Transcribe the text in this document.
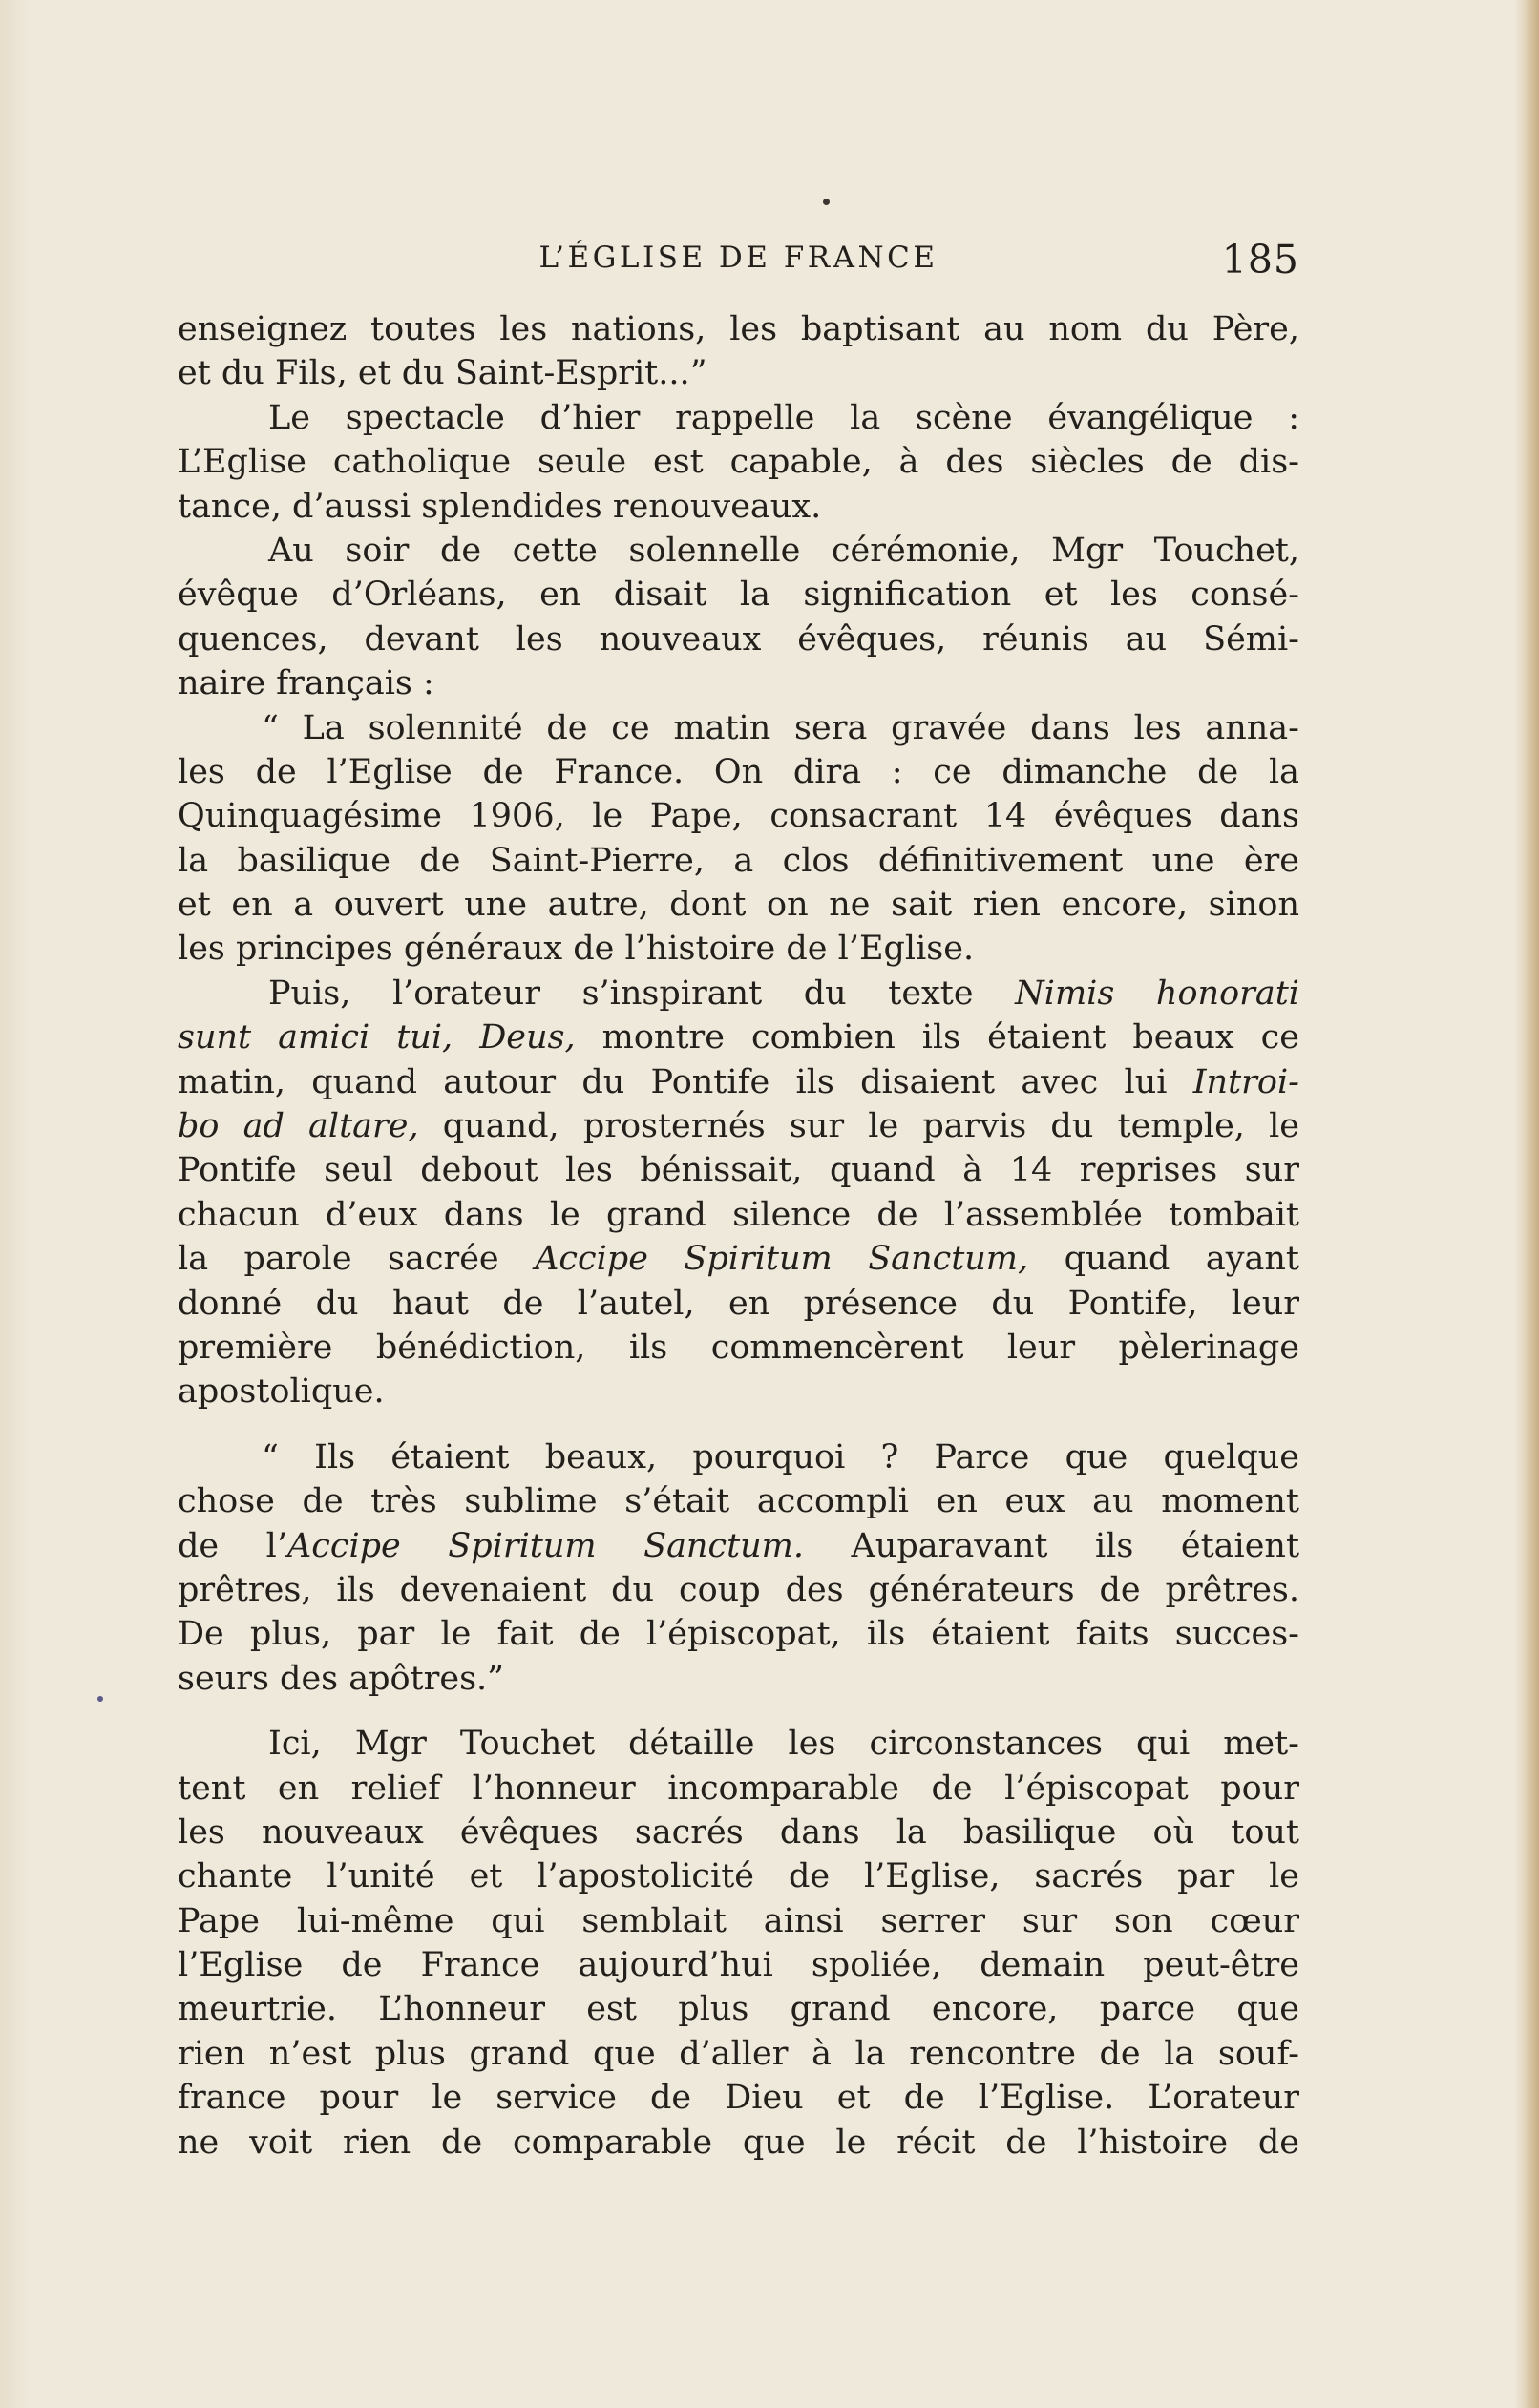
L’ÉGLISE DE FRANCE	185
enseignez toutes les nations, les baptisant au nom du Père,
et du Fils, et du Saint-Esprit...”
Le spectacle d’hier rappelle la scène évangélique :
L’Eglise catholique seule est capable, à des siècles de dis-
tance, d’aussi splendides renouveaux.
Au soir de cette solennelle cérémonie, Mgr Touchet,
évêque d’Orléans, en disait la signification et les consé-
quences, devant les nouveaux évêques, réunis au Sémi-
naire français :
“ La solennité de ce matin sera gravée dans les anna-
les de l’Eglise de France. On dira : ce dimanche de la
Quinquagésime 1906, le Pape, consacrant 14 évêques dans
la basilique de Saint-Pierre, a clos définitivement une ère
et en a ouvert une autre, dont on ne sait rien encore, sinon
les principes généraux de l’histoire de l’Eglise.
Puis, l’orateur s’inspirant du texte Nimis honorati
sunt amici tui, Deus, montre combien ils étaient beaux ce
matin, quand autour du Pontife ils disaient avec lui Introi-
bo ad altare, quand, prosternés sur le parvis du temple, le
Pontife seul debout les bénissait, quand à 14 reprises sur
chacun d’eux dans le grand silence de l’assemblée tombait
la parole sacrée Accipe Spiritum Sanctum, quand ayant
donné du haut de l’autel, en présence du Pontife, leur
première bénédiction, ils commencèrent leur pèlerinage
apostolique.
“ Ils étaient beaux, pourquoi ? Parce que quelque
chose de très sublime s’était accompli en eux au moment
de l’Accipe Spiritum Sanctum. Auparavant ils étaient
prêtres, ils devenaient du coup des générateurs de prêtres.
De plus, par le fait de l’épiscopat, ils étaient faits succes-
seurs des apôtres.”
Ici, Mgr Touchet détaille les circonstances qui met-
tent en relief l’honneur incomparable de l’épiscopat pour
les nouveaux évêques sacrés dans la basilique où tout
chante l’unité et l’apostolicité de l’Eglise, sacrés par le
Pape lui-même qui semblait ainsi serrer sur son cœur
l’Eglise de France aujourd’hui spoliée, demain peut-être
meurtrie. L’honneur est plus grand encore, parce que
rien n’est plus grand que d’aller à la rencontre de la souf-
france pour le service de Dieu et de l’Eglise. L’orateur
ne voit rien de comparable que le récit de l’histoire de
